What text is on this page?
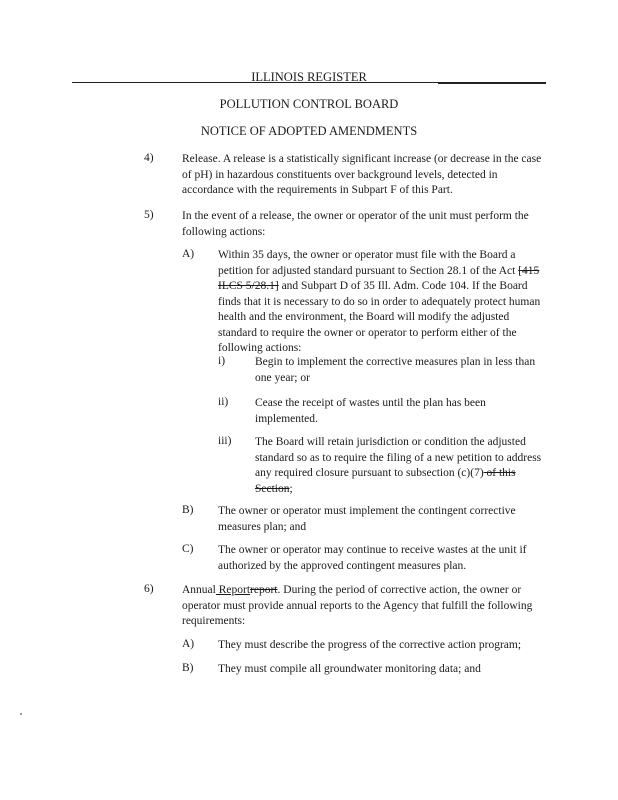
ILLINOIS REGISTER
POLLUTION CONTROL BOARD
NOTICE OF ADOPTED AMENDMENTS
4) Release. A release is a statistically significant increase (or decrease in the case of pH) in hazardous constituents over background levels, detected in accordance with the requirements in Subpart F of this Part.
5) In the event of a release, the owner or operator of the unit must perform the following actions:
A) Within 35 days, the owner or operator must file with the Board a petition for adjusted standard pursuant to Section 28.1 of the Act [415 ILCS 5/28.1] and Subpart D of 35 Ill. Adm. Code 104. If the Board finds that it is necessary to do so in order to adequately protect human health and the environment, the Board will modify the adjusted standard to require the owner or operator to perform either of the following actions:
i)	Begin to implement the corrective measures plan in less than one year; or
ii) Cease the receipt of wastes until the plan has been implemented.
iii) The Board will retain jurisdiction or condition the adjusted standard so as to require the filing of a new petition to address any required closure pursuant to subsection (c)(7) of this Section;
B) The owner or operator must implement the contingent corrective measures plan; and
C) The owner or operator may continue to receive wastes at the unit if authorized by the approved contingent measures plan.
6) Annual Reportreport. During the period of corrective action, the owner or operator must provide annual reports to the Agency that fulfill the following requirements:
A) They must describe the progress of the corrective action program;
B) They must compile all groundwater monitoring data; and
